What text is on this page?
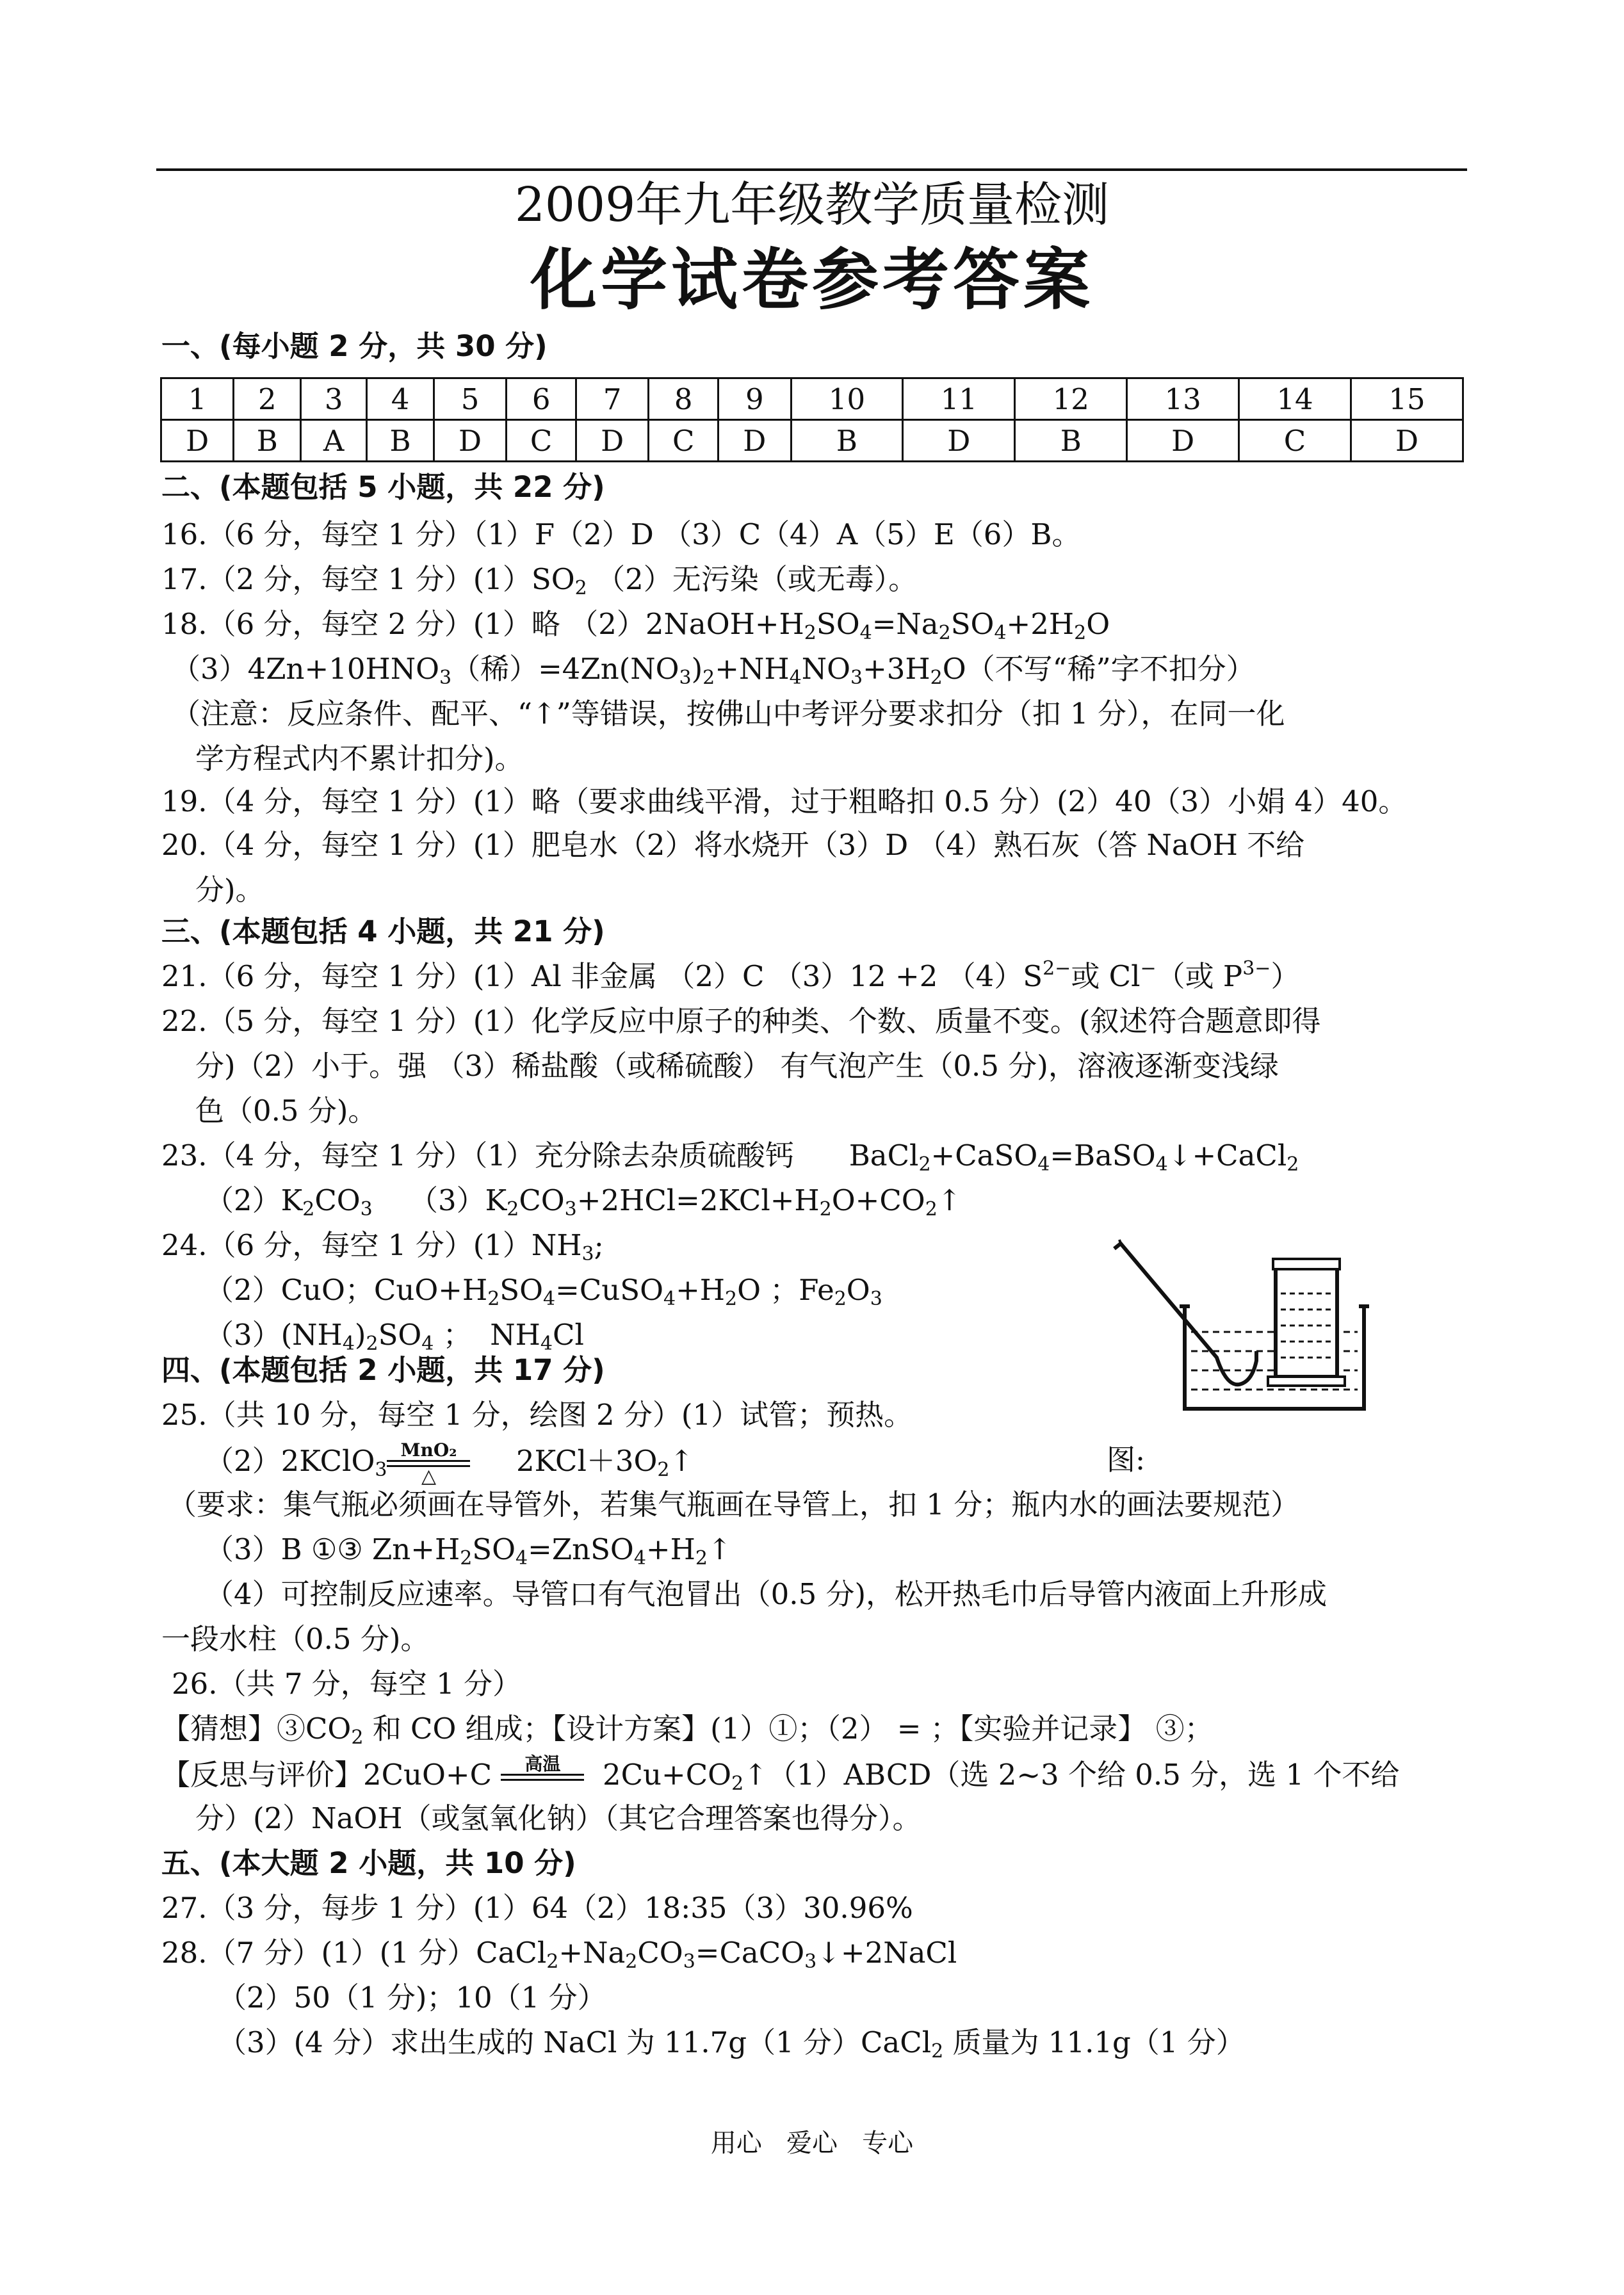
2009年九年级教学质量检测
化学试卷参考答案
一、(每小题 2 分，共 30 分)
1	2	3	4	5	6	7	8	9	10	11	12	13	14	15
D	B	A	B	D	C	D	C	D	B	D	B	D	C	D
二、(本题包括 5 小题，共 22 分)
16.（6 分，每空 1 分）（1）F（2）D （3）C（4）A（5）E（6）B。
17.（2 分，每空 1 分）$(1)SO_2$ （2）无污染（或无毒）。
18.（6 分，每空 2 分）(1）略 $(2)2NaOH+H_2SO_4=Na_2SO_4+2H_2O$
$(3)4Zn+10HNO_3$（稀）$=4Zn(NO_3)_2+NH_4NO_3+3H_2O$（不写“稀”字不扣分）
（注意：反应条件、配平、“↑”等错误，按佛山中考评分要求扣分（扣 1 分），在同一化
学方程式内不累计扣分)。
19.（4 分，每空 1 分）(1）略（要求曲线平滑，过于粗略扣 0.5 分）(2）40（3）小娟 4）40。
20.（4 分，每空 1 分）(1）肥皂水（2）将水烧开（3）D （4）熟石灰（答 NaOH 不给
分)。
三、(本题包括 4 小题，共 21 分)
21.（6 分，每空 1 分）(1）Al 非金属 （2）C （3）12 +2 $(4)S^{2-}$或 Cl−（或 $P^{3-}$）
22.（5 分，每空 1 分）(1）化学反应中原子的种类、个数、质量不变。(叙述符合题意即得
分)（2）小于。强 （3）稀盐酸（或稀硫酸） 有气泡产生（0.5 分)，溶液逐渐变浅绿
色（0.5 分)。
23.（4 分，每空 1 分）（1）充分除去杂质硫酸钙 BaCl$_2$+CaSO$_4$=BaSO$_4$↓+CaCl$_2$
$(2)K_2CO_3$ $(3)K_2CO_3+2HCl=2KCl+H_2O+CO_2↑$
24.（6 分，每空 1 分）$(1)NH_3$;
（2）CuO；$CuO+H_2SO_4=CuSO_4+H_2O$ ；$Fe_2O_3$
$(3)(NH_4)_2SO_4$ ；  $NH_4Cl$
四、(本题包括 2 小题，共 17 分)
25.（共 10 分，每空 1 分，绘图 2 分）(1）试管；预热。
（2）2KClO$_3$
MnO₂
△	$2KCl+3O_2↑$	图:
（要求：集气瓶必须画在导管外，若集气瓶画在导管上，扣 1 分；瓶内水的画法要规范）
（3）B ①③ $Zn+H_2SO_4=ZnSO_4+H_2↑$
（4）可控制反应速率。导管口有气泡冒出（0.5 分)，松开热毛巾后导管内液面上升形成
一段水柱（0.5 分)。
26.（共 7 分，每空 1 分）
【猜想】$③CO_2$ 和 CO 组成；【设计方案】(1）①；（2） = ；【实验并记录】 ③；
【反思与评价】2CuO+C	高温
	$2Cu+CO_2↑(1)ABCD$（选 2~3 个给 0.5 分，选 1 个不给
分）(2）NaOH（或氢氧化钠）（其它合理答案也得分）。
五、(本大题 2 小题，共 10 分)
27.（3 分，每步 1 分）(1）64（2）18:35（3）30.96%
28.（7 分）(1）(1 分）$CaCl_2+Na_2CO_3=CaCO_3↓+2NaCl$
（2）50（1 分)；10（1 分）
（3）(4 分）求出生成的 NaCl 为 11.7g（1 分）CaCl$_2$ 质量为 11.1g（1 分）
用心   爱心   专心
